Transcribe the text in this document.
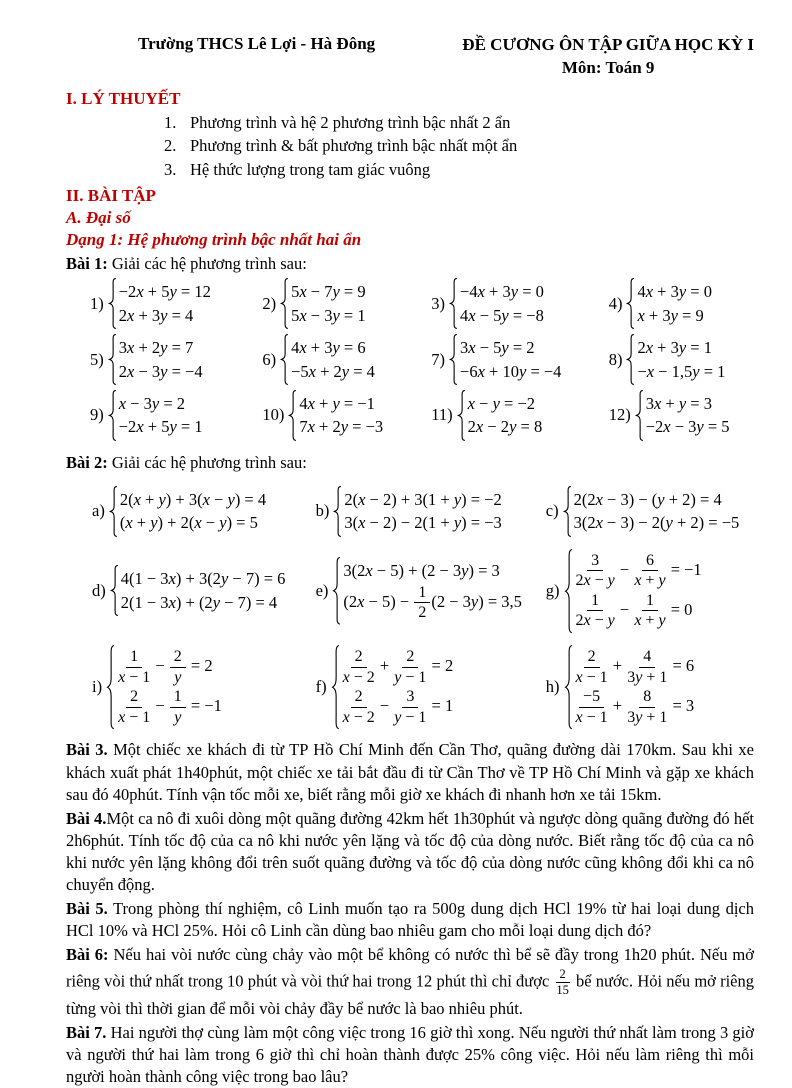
Trường THCS Lê Lợi - Hà Đông	ĐỀ CƯƠNG ÔN TẬP GIỮA HỌC KỲ I
Môn: Toán 9
I. LÝ THUYẾT
1. Phương trình và hệ 2 phương trình bậc nhất 2 ẩn
2. Phương trình & bất phương trình bậc nhất một ẩn
3. Hệ thức lượng trong tam giác vuông
II. BÀI TẬP
A. Đại số
Dạng 1: Hệ phương trình bậc nhất hai ẩn

Bài 1: Giải các hệ phương trình sau:

1)
−2x + 5y = 12
2x + 3y = 4
2)
5x − 7y = 9
5x − 3y = 1
3)
−4x + 3y = 0
4x − 5y = −8
4)
4x + 3y = 0
x + 3y = 9
5)
3x + 2y = 7
2x − 3y = −4
6)
4x + 3y = 6
−5x + 2y = 4
7)
3x − 5y = 2
−6x + 10y = −4
8)
2x + 3y = 1
−x − 1,5y = 1
9)
x − 3y = 2
−2x + 5y = 1
10)
4x + y = −1
7x + 2y = −3
11)
x − y = −2
2x − 2y = 8
12)
3x + y = 3
−2x − 3y = 5

Bài 2: Giải các hệ phương trình sau:

a)
2(x + y) + 3(x − y) = 4
(x + y) + 2(x − y) = 5
b)
2(x − 2) + 3(1 + y) = −2
3(x − 2) − 2(1 + y) = −3
c)
2(2x − 3) − (y + 2) = 4
3(2x − 3) − 2(y + 2) = −5
d)
4(1 − 3x) + 3(2y − 7) = 6
2(1 − 3x) + (2y − 7) = 4
e)
3(2x − 5) + (2 − 3y) = 3
$(2x - 5) - \frac{1}{2} (2 - 3y) = 3,5$
$g) \frac{3}{2x - y} - \frac{6}{x + y} = -1$
$\frac{1}{2x - y} - \frac{1}{x + y} = 0$
$i) \frac{1}{x - 1} - \frac{2}{y} = 2$
$\frac{2}{x - 1} - \frac{1}{y} = -1$
$f) \frac{2}{x - 2} + \frac{2}{y - 1} = 2$
$\frac{2}{x - 2} - \frac{3}{y - 1} = 1$
$h) \frac{2}{x - 1} + \frac{4}{3y + 1} = 6$
$\frac{-5}{x - 1} + \frac{8}{3y + 1} = 3$

Bài 3. Một chiếc xe khách đi từ TP Hồ Chí Minh đến Cần Thơ, quãng đường dài 170km. Sau khi xe khách xuất phát 1h40phút, một chiếc xe tải bắt đầu đi từ Cần Thơ về TP Hồ Chí Minh và gặp xe khách sau đó 40phút. Tính vận tốc mỗi xe, biết rằng mỗi giờ xe khách đi nhanh hơn xe tải 15km.

Bài 4.Một ca nô đi xuôi dòng một quãng đường 42km hết 1h30phút và ngược dòng quãng đường đó hết 2h6phút. Tính tốc độ của ca nô khi nước yên lặng và tốc độ của dòng nước. Biết rằng tốc độ của ca nô khi nước yên lặng không đổi trên suốt quãng đường và tốc độ của dòng nước cũng không đổi khi ca nô chuyển động.

Bài 5. Trong phòng thí nghiệm, cô Linh muốn tạo ra 500g dung dịch HCl 19% từ hai loại dung dịch HCl 10% và HCl 25%. Hỏi cô Linh cần dùng bao nhiêu gam cho mỗi loại dung dịch đó?

Bài 6: Nếu hai vòi nước cùng chảy vào một bể không có nước thì bể sẽ đầy trong 1h20 phút. Nếu mở riêng vòi thứ nhất trong 10 phút và vòi thứ hai trong 12 phút thì chỉ được $\frac{2}{15}$ bể nước. Hỏi nếu mở riêng từng vòi thì thời gian để mỗi vòi chảy đầy bể nước là bao nhiêu phút.

Bài 7. Hai người thợ cùng làm một công việc trong 16 giờ thì xong. Nếu người thứ nhất làm trong 3 giờ và người thứ hai làm trong 6 giờ thì chỉ hoàn thành được 25% công việc. Hỏi nếu làm riêng thì mỗi người hoàn thành công việc trong bao lâu?
